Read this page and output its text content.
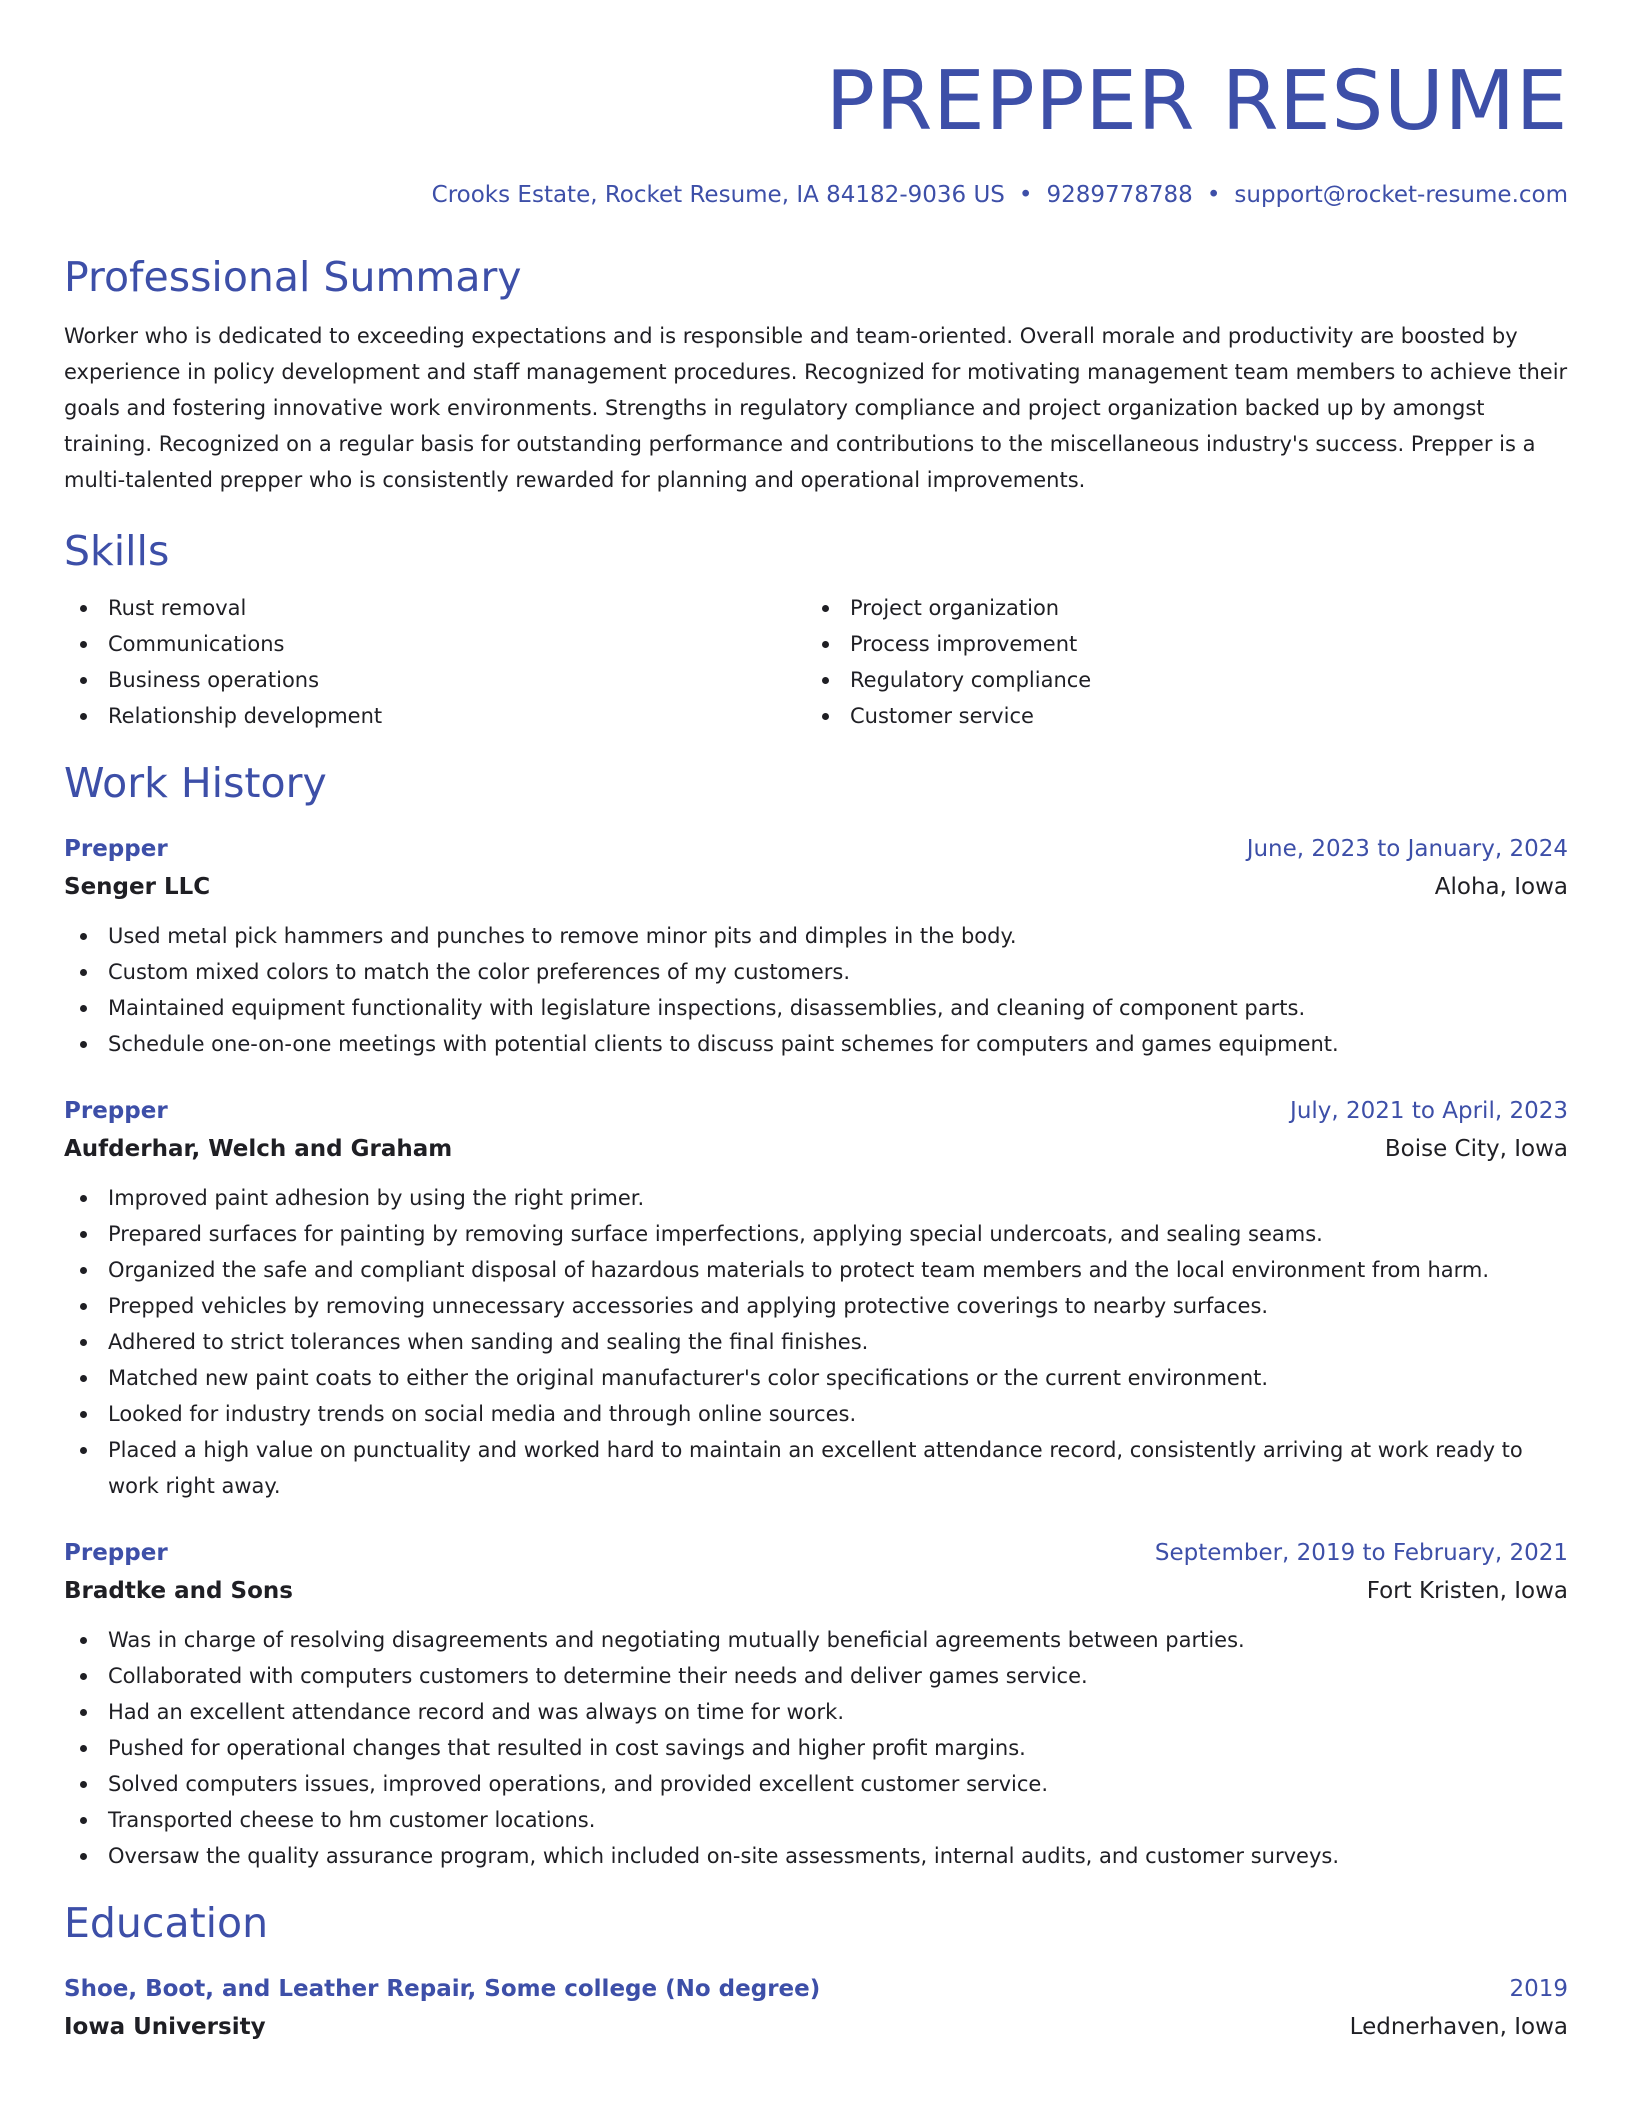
PREPPER RESUME
Crooks Estate, Rocket Resume, IA 84182-9036 US • 9289778788 • support@rocket-resume.com
Professional Summary
Worker who is dedicated to exceeding expectations and is responsible and team-oriented. Overall morale and productivity are boosted by experience in policy development and staff management procedures. Recognized for motivating management team members to achieve their goals and fostering innovative work environments. Strengths in regulatory compliance and project organization backed up by amongst training. Recognized on a regular basis for outstanding performance and contributions to the miscellaneous industry's success. Prepper is a multi-talented prepper who is consistently rewarded for planning and operational improvements.
Skills
Rust removal
Communications
Business operations
Relationship development
Project organization
Process improvement
Regulatory compliance
Customer service
Work History
Prepper	June, 2023 to January, 2024
Senger LLC	Aloha, Iowa
Used metal pick hammers and punches to remove minor pits and dimples in the body.
Custom mixed colors to match the color preferences of my customers.
Maintained equipment functionality with legislature inspections, disassemblies, and cleaning of component parts.
Schedule one-on-one meetings with potential clients to discuss paint schemes for computers and games equipment.
Prepper	July, 2021 to April, 2023
Aufderhar, Welch and Graham	Boise City, Iowa
Improved paint adhesion by using the right primer.
Prepared surfaces for painting by removing surface imperfections, applying special undercoats, and sealing seams.
Organized the safe and compliant disposal of hazardous materials to protect team members and the local environment from harm.
Prepped vehicles by removing unnecessary accessories and applying protective coverings to nearby surfaces.
Adhered to strict tolerances when sanding and sealing the final finishes.
Matched new paint coats to either the original manufacturer's color specifications or the current environment.
Looked for industry trends on social media and through online sources.
Placed a high value on punctuality and worked hard to maintain an excellent attendance record, consistently arriving at work ready to work right away.
Prepper	September, 2019 to February, 2021
Bradtke and Sons	Fort Kristen, Iowa
Was in charge of resolving disagreements and negotiating mutually beneficial agreements between parties.
Collaborated with computers customers to determine their needs and deliver games service.
Had an excellent attendance record and was always on time for work.
Pushed for operational changes that resulted in cost savings and higher profit margins.
Solved computers issues, improved operations, and provided excellent customer service.
Transported cheese to hm customer locations.
Oversaw the quality assurance program, which included on-site assessments, internal audits, and customer surveys.
Education
Shoe, Boot, and Leather Repair, Some college (No degree)	2019
Iowa University	Lednerhaven, Iowa
